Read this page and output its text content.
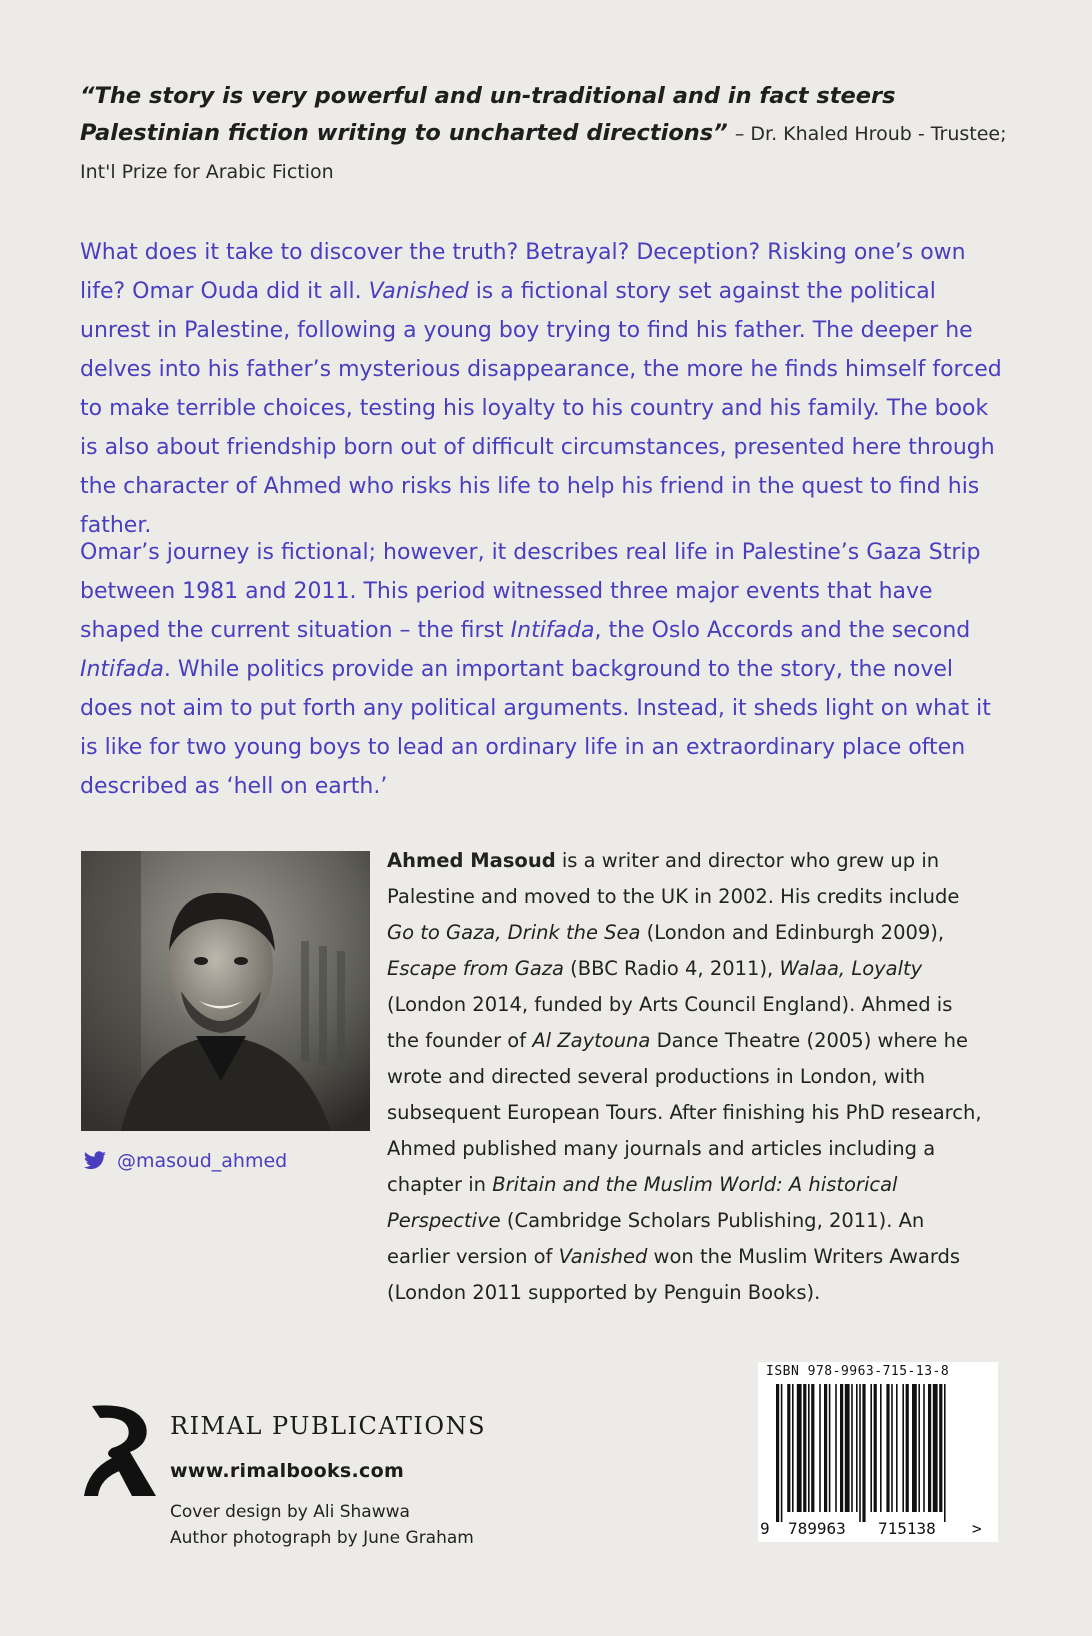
“The story is very powerful and un-traditional and in fact steers Palestinian fiction writing to uncharted directions” – Dr. Khaled Hroub - Trustee; Int'l Prize for Arabic Fiction

What does it take to discover the truth? Betrayal? Deception? Risking one’s own life? Omar Ouda did it all. Vanished is a fictional story set against the political unrest in Palestine, following a young boy trying to find his father. The deeper he delves into his father’s mysterious disappearance, the more he finds himself forced to make terrible choices, testing his loyalty to his country and his family. The book is also about friendship born out of difficult circumstances, presented here through the character of Ahmed who risks his life to help his friend in the quest to find his father.

Omar’s journey is fictional; however, it describes real life in Palestine’s Gaza Strip between 1981 and 2011. This period witnessed three major events that have shaped the current situation – the first Intifada, the Oslo Accords and the second Intifada. While politics provide an important background to the story, the novel does not aim to put forth any political arguments. Instead, it sheds light on what it is like for two young boys to lead an ordinary life in an extraordinary place often described as ‘hell on earth.’

@masoud_ahmed

Ahmed Masoud is a writer and director who grew up in Palestine and moved to the UK in 2002. His credits include Go to Gaza, Drink the Sea (London and Edinburgh 2009), Escape from Gaza (BBC Radio 4, 2011), Walaa, Loyalty (London 2014, funded by Arts Council England). Ahmed is the founder of Al Zaytouna Dance Theatre (2005) where he wrote and directed several productions in London, with subsequent European Tours. After finishing his PhD research, Ahmed published many journals and articles including a chapter in Britain and the Muslim World: A historical Perspective (Cambridge Scholars Publishing, 2011). An earlier version of Vanished won the Muslim Writers Awards (London 2011 supported by Penguin Books).

RIMAL PUBLICATIONS
www.rimalbooks.com
Cover design by Ali Shawwa
Author photograph by June Graham
ISBN 978-9963-715-13-8
9 789963 715138 >
